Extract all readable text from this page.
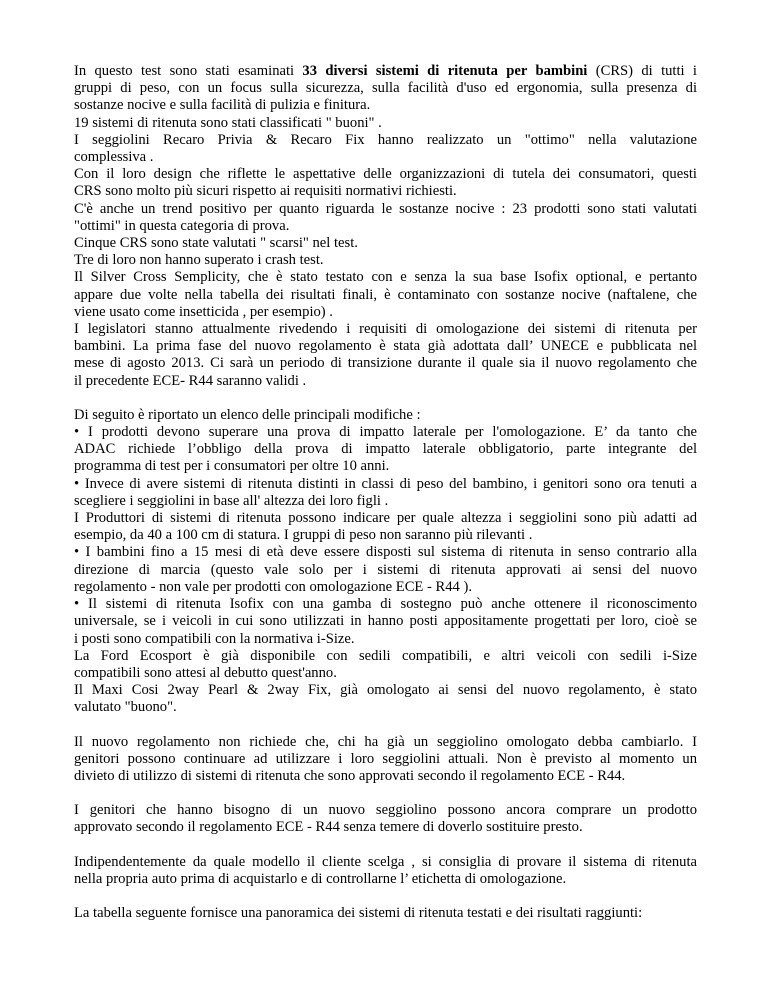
In questo test sono stati esaminati 33 diversi sistemi di ritenuta per bambini (CRS) di tutti i
gruppi di peso, con un focus sulla sicurezza, sulla facilità d'uso ed ergonomia, sulla presenza di
sostanze nocive e sulla facilità di pulizia e finitura.
19 sistemi di ritenuta sono stati classificati " buoni" .
I seggiolini Recaro Privia & Recaro Fix hanno realizzato un "ottimo" nella valutazione
complessiva .
Con il loro design che riflette le aspettative delle organizzazioni di tutela dei consumatori, questi
CRS sono molto più sicuri rispetto ai requisiti normativi richiesti.
C'è anche un trend positivo per quanto riguarda le sostanze nocive : 23 prodotti sono stati valutati
"ottimi" in questa categoria di prova.
Cinque CRS sono state valutati " scarsi" nel test.
Tre di loro non hanno superato i crash test.
Il Silver Cross Semplicity, che è stato testato con e senza la sua base Isofix optional, e pertanto
appare due volte nella tabella dei risultati finali, è contaminato con sostanze nocive (naftalene, che
viene usato come insetticida , per esempio) .
I legislatori stanno attualmente rivedendo i requisiti di omologazione dei sistemi di ritenuta per
bambini. La prima fase del nuovo regolamento è stata già adottata dall’ UNECE e pubblicata nel
mese di agosto 2013. Ci sarà un periodo di transizione durante il quale sia il nuovo regolamento che
il precedente ECE- R44 saranno validi .
Di seguito è riportato un elenco delle principali modifiche :
• I prodotti devono superare una prova di impatto laterale per l'omologazione. E’ da tanto che
ADAC richiede l’obbligo della prova di impatto laterale obbligatorio, parte integrante del
programma di test per i consumatori per oltre 10 anni.
• Invece di avere sistemi di ritenuta distinti in classi di peso del bambino, i genitori sono ora tenuti a
scegliere i seggiolini in base all' altezza dei loro figli .
I Produttori di sistemi di ritenuta possono indicare per quale altezza i seggiolini sono più adatti ad
esempio, da 40 a 100 cm di statura. I gruppi di peso non saranno più rilevanti .
• I bambini fino a 15 mesi di età deve essere disposti sul sistema di ritenuta in senso contrario alla
direzione di marcia (questo vale solo per i sistemi di ritenuta approvati ai sensi del nuovo
regolamento - non vale per prodotti con omologazione ECE - R44 ).
• Il sistemi di ritenuta Isofix con una gamba di sostegno può anche ottenere il riconoscimento
universale, se i veicoli in cui sono utilizzati in hanno posti appositamente progettati per loro, cioè se
i posti sono compatibili con la normativa i-Size.
La Ford Ecosport è già disponibile con sedili compatibili, e altri veicoli con sedili i-Size
compatibili sono attesi al debutto quest'anno.
Il Maxi Cosi 2way Pearl & 2way Fix, già omologato ai sensi del nuovo regolamento, è stato
valutato "buono".
Il nuovo regolamento non richiede che, chi ha già un seggiolino omologato debba cambiarlo. I
genitori possono continuare ad utilizzare i loro seggiolini attuali. Non è previsto al momento un
divieto di utilizzo di sistemi di ritenuta che sono approvati secondo il regolamento ECE - R44.
I genitori che hanno bisogno di un nuovo seggiolino possono ancora comprare un prodotto
approvato secondo il regolamento ECE - R44 senza temere di doverlo sostituire presto.
Indipendentemente da quale modello il cliente scelga , si consiglia di provare il sistema di ritenuta
nella propria auto prima di acquistarlo e di controllarne l’ etichetta di omologazione.
La tabella seguente fornisce una panoramica dei sistemi di ritenuta testati e dei risultati raggiunti:
